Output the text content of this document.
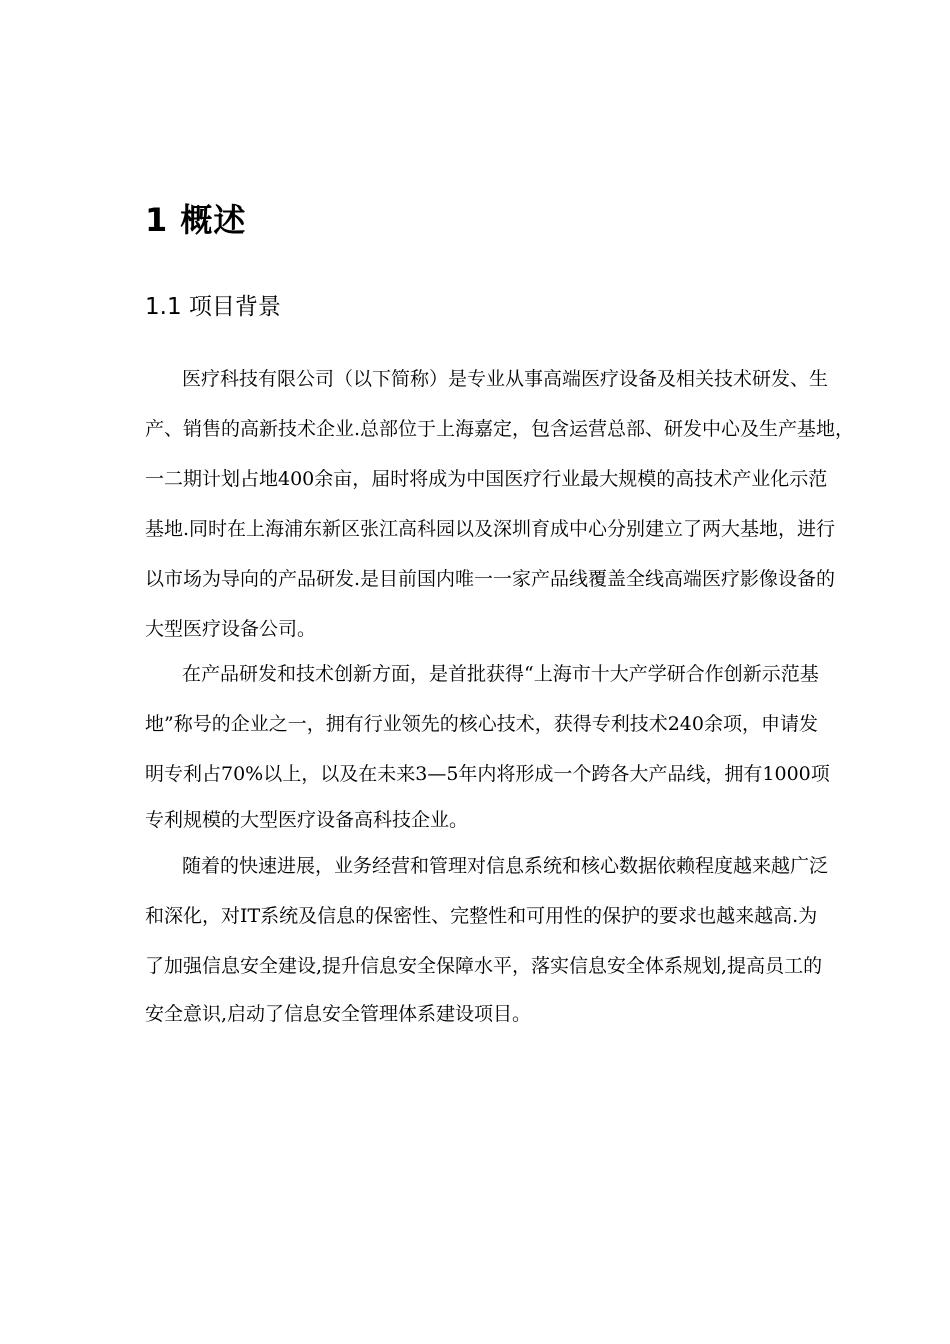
1 概述
1.1 项目背景

医疗科技有限公司（以下简称）是专业从事高端医疗设备及相关技术研发、生

产、销售的高新技术企业.总部位于上海嘉定，包含运营总部、研发中心及生产基地，

一二期计划占地400余亩，届时将成为中国医疗行业最大规模的高技术产业化示范

基地.同时在上海浦东新区张江高科园以及深圳育成中心分别建立了两大基地，进行

以市场为导向的产品研发.是目前国内唯一一家产品线覆盖全线高端医疗影像设备的

大型医疗设备公司。

在产品研发和技术创新方面，是首批获得“上海市十大产学研合作创新示范基

地”称号的企业之一，拥有行业领先的核心技术，获得专利技术240余项，申请发

明专利占70%以上，以及在未来3—5年内将形成一个跨各大产品线，拥有1000项

专利规模的大型医疗设备高科技企业。

随着的快速进展，业务经营和管理对信息系统和核心数据依赖程度越来越广泛

和深化，对IT系统及信息的保密性、完整性和可用性的保护的要求也越来越高.为

了加强信息安全建设,提升信息安全保障水平，落实信息安全体系规划,提高员工的

安全意识,启动了信息安全管理体系建设项目。
